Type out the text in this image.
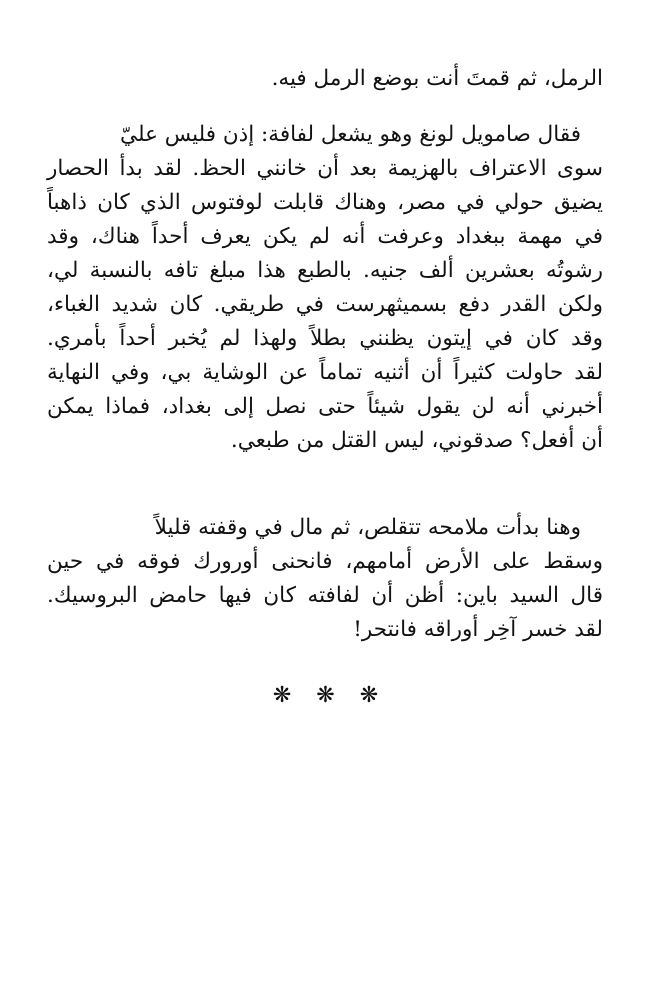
الرمل، ثم قمتَ أنت بوضع الرمل فيه.
فقال صامويل لونغ وهو يشعل لفافة: إذن فليس عليّ
سوى الاعتراف بالهزيمة بعد أن خانني الحظ. لقد بدأ الحصار
يضيق حولي في مصر، وهناك قابلت لوفتوس الذي كان ذاهباً
في مهمة ببغداد وعرفت أنه لم يكن يعرف أحداً هناك، وقد
رشوتُه بعشرين ألف جنيه. بالطبع هذا مبلغ تافه بالنسبة لي،
ولكن القدر دفع بسميثهرست في طريقي. كان شديد الغباء،
وقد كان في إيتون يظنني بطلاً ولهذا لم يُخبر أحداً بأمري.
لقد حاولت كثيراً أن أثنيه تماماً عن الوشاية بي، وفي النهاية
أخبرني أنه لن يقول شيئاً حتى نصل إلى بغداد، فماذا يمكن
أن أفعل؟ صدقوني، ليس القتل من طبعي.
وهنا بدأت ملامحه تتقلص، ثم مال في وقفته قليلاً
وسقط على الأرض أمامهم، فانحنى أورورك فوقه في حين
قال السيد باين: أظن أن لفافته كان فيها حامض البروسيك.
لقد خسر آخِر أوراقه فانتحر!
❋ ❋ ❋
